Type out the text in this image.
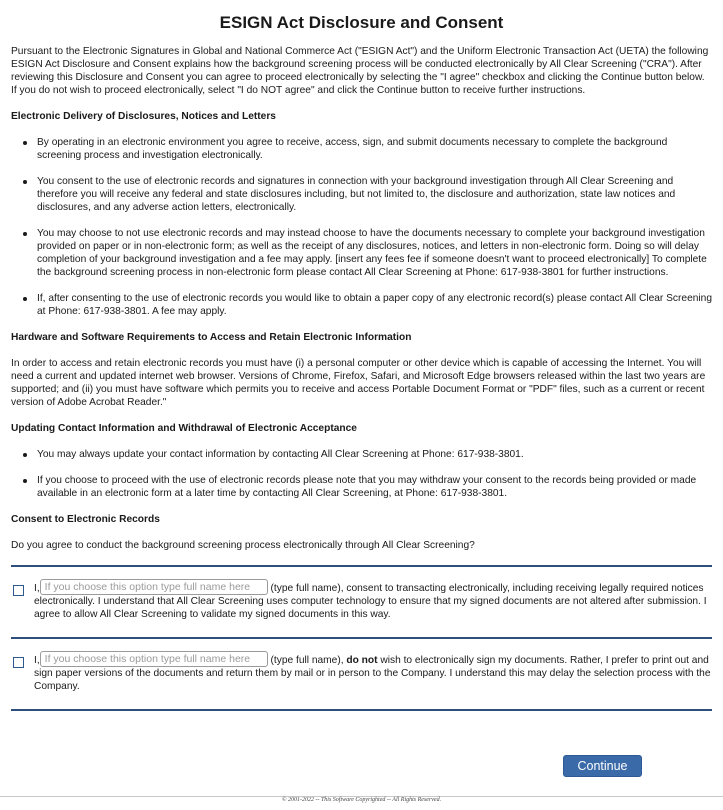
ESIGN Act Disclosure and Consent

Pursuant to the Electronic Signatures in Global and National Commerce Act ("ESIGN Act") and the Uniform Electronic Transaction Act (UETA) the following ESIGN Act Disclosure and Consent explains how the background screening process will be conducted electronically by All Clear Screening ("CRA"). After reviewing this Disclosure and Consent you can agree to proceed electronically by selecting the "I agree" checkbox and clicking the Continue button below. If you do not wish to proceed electronically, select "I do NOT agree" and click the Continue button to receive further instructions.

Electronic Delivery of Disclosures, Notices and Letters
By operating in an electronic environment you agree to receive, access, sign, and submit documents necessary to complete the background screening process and investigation electronically.
You consent to the use of electronic records and signatures in connection with your background investigation through All Clear Screening and therefore you will receive any federal and state disclosures including, but not limited to, the disclosure and authorization, state law notices and disclosures, and any adverse action letters, electronically.
You may choose to not use electronic records and may instead choose to have the documents necessary to complete your background investigation provided on paper or in non-electronic form; as well as the receipt of any disclosures, notices, and letters in non-electronic form. Doing so will delay completion of your background investigation and a fee may apply. [insert any fees fee if someone doesn't want to proceed electronically] To complete the background screening process in non-electronic form please contact All Clear Screening at Phone: 617-938-3801 for further instructions.
If, after consenting to the use of electronic records you would like to obtain a paper copy of any electronic record(s) please contact All Clear Screening at Phone: 617-938-3801. A fee may apply.
Hardware and Software Requirements to Access and Retain Electronic Information

In order to access and retain electronic records you must have (i) a personal computer or other device which is capable of accessing the Internet. You will need a current and updated internet web browser. Versions of Chrome, Firefox, Safari, and Microsoft Edge browsers released within the last two years are supported; and (ii) you must have software which permits you to receive and access Portable Document Format or "PDF" files, such as a current or recent version of Adobe Acrobat Reader."

Updating Contact Information and Withdrawal of Electronic Acceptance
You may always update your contact information by contacting All Clear Screening at Phone: 617-938-3801.
If you choose to proceed with the use of electronic records please note that you may withdraw your consent to the records being provided or made available in an electronic form at a later time by contacting All Clear Screening, at Phone: 617-938-3801.
Consent to Electronic Records

Do you agree to conduct the background screening process electronically through All Clear Screening?

I,If you choose this option type full name here	(type full name), consent to transacting electronically, including receiving legally required notices electronically. I understand that All Clear Screening uses computer technology to ensure that my signed documents are not altered after submission. I agree to allow All Clear Screening to validate my signed documents in this way.
I,If you choose this option type full name here	(type full name), do not wish to electronically sign my documents. Rather, I prefer to print out and sign paper versions of the documents and return them by mail or in person to the Company. I understand this may delay the selection process with the Company.
Continue
© 2001-2022 -- This Software Copyrighted -- All Rights Reserved.
